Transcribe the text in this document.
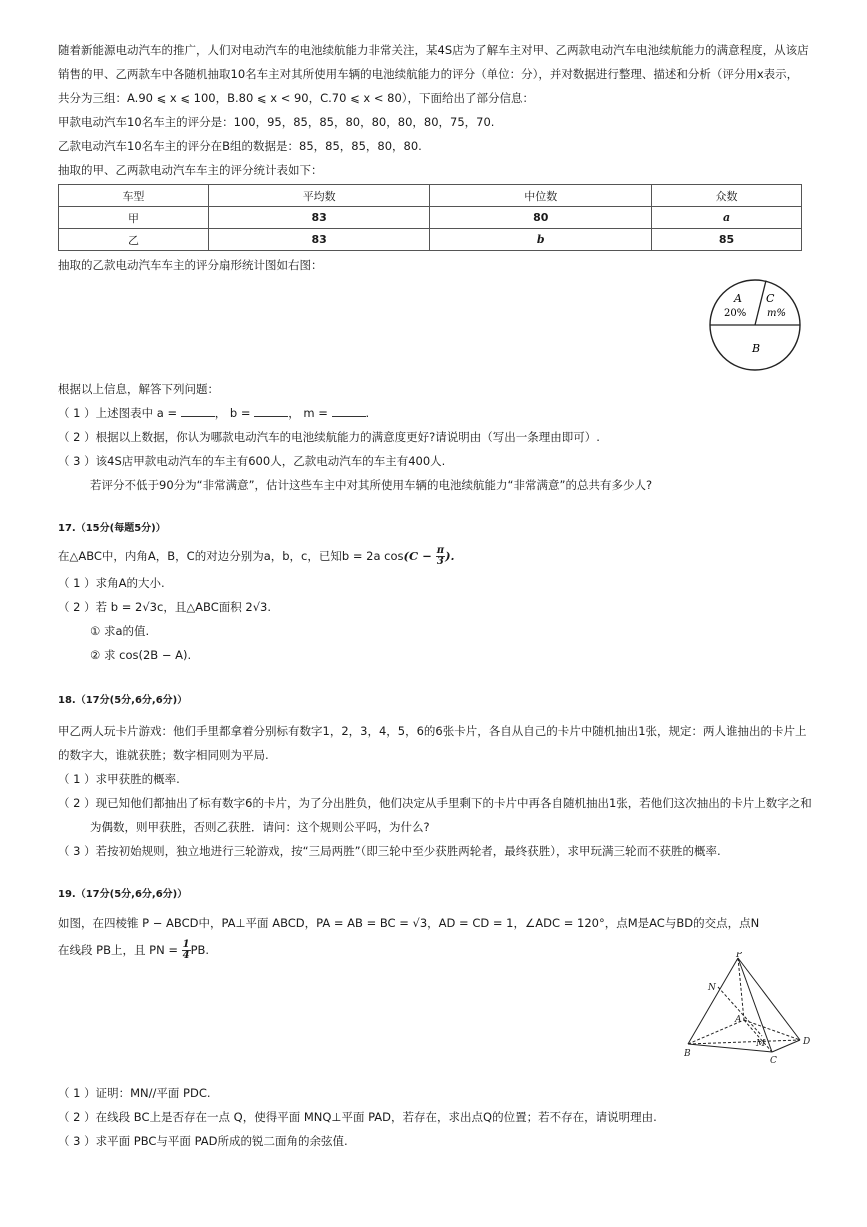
随着新能源电动汽车的推广，人们对电动汽车的电池续航能力非常关注，某4S店为了解车主对甲、乙两款电动汽车电池续航能力的满意程度，从该店

销售的甲、乙两款车中各随机抽取10名车主对其所使用车辆的电池续航能力的评分（单位：分），并对数据进行整理、描述和分析（评分用x表示，

共分为三组：A.90 ⩽ x ⩽ 100，B.80 ⩽ x < 90，C.70 ⩽ x < 80），下面给出了部分信息：

甲款电动汽车10名车主的评分是：100，95，85，85，80，80，80，80，75，70.

乙款电动汽车10名车主的评分在B组的数据是：85，85，85，80，80.

抽取的甲、乙两款电动汽车车主的评分统计表如下：

车型	平均数	中位数	众数
甲	83	80	a
乙	83	b	85

抽取的乙款电动汽车车主的评分扇形统计图如右图：

A
20%
C
m%
B

根据以上信息，解答下列问题：

（ 1 ）上述图表中 a =	， b =	， m =	.

（ 2 ）根据以上数据，你认为哪款电动汽车的电池续航能力的满意度更好?请说明由（写出一条理由即可）.

（ 3 ）该4S店甲款电动汽车的车主有600人，乙款电动汽车的车主有400人.

若评分不低于90分为“非常满意”，估计这些车主中对其所使用车辆的电池续航能力“非常满意”的总共有多少人?

17.（15分(每题5分)）

在△ABC中，内角A，B，C的对边分别为a，b，c，已知b = 2a $\cos(C - \frac{\pi}{3}$ ).

（ 1 ）求角A的大小.

（ 2 ）若 b = 2√3c，且△ABC面积 2√3.

① 求a的值.

② 求 cos(2B − A).

18.（17分(5分,6分,6分)）

甲乙两人玩卡片游戏：他们手里都拿着分别标有数字1，2，3，4，5，6的6张卡片，各自从自己的卡片中随机抽出1张，规定：两人谁抽出的卡片上

的数字大，谁就获胜；数字相同则为平局.

（ 1 ）求甲获胜的概率.

（ 2 ）现已知他们都抽出了标有数字6的卡片，为了分出胜负，他们决定从手里剩下的卡片中再各自随机抽出1张，若他们这次抽出的卡片上数字之和

为偶数，则甲获胜，否则乙获胜．请问：这个规则公平吗，为什么?

（ 3 ）若按初始规则，独立地进行三轮游戏，按“三局两胜”（即三轮中至少获胜两轮者，最终获胜），求甲玩满三轮而不获胜的概率.

19.（17分(5分,6分,6分)）

如图，在四棱锥 P − ABCD中，PA⊥平面 ABCD，PA = AB = BC = √3，AD = CD = 1，∠ADC = 120°，点M是AC与BD的交点，点N

在线段 PB上，且 PN = $\frac{1}{4}$ PB.

（ 1 ）证明：MN//平面 PDC.

（ 2 ）在线段 BC上是否存在一点 Q，使得平面 MNQ⊥平面 PAD，若存在，求出点Q的位置；若不存在，请说明理由.

（ 3 ）求平面 PBC与平面 PAD所成的锐二面角的余弦值.

P
N
A
M	D
B
C
